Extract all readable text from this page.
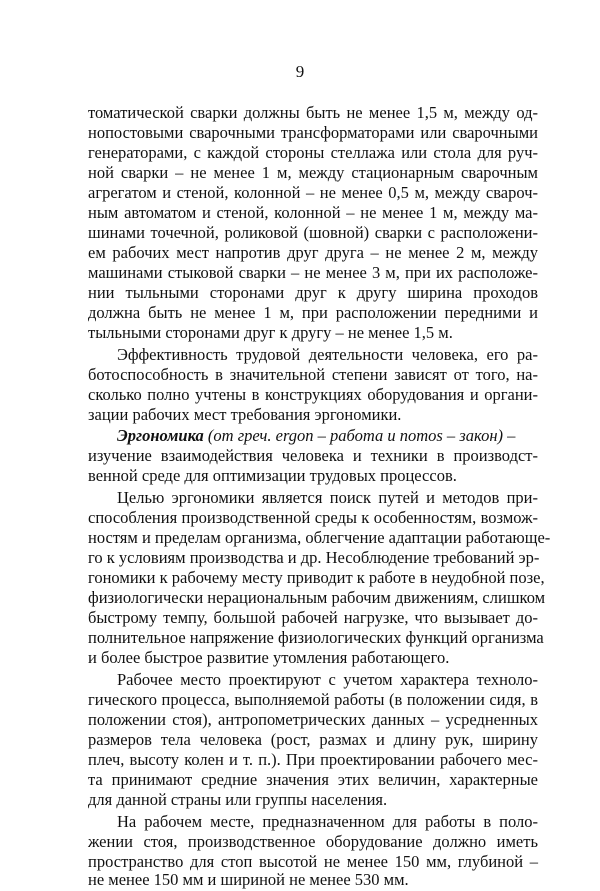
9
томатической сварки должны быть не менее 1,5 м, между од-
нопостовыми сварочными трансформаторами или сварочными
генераторами, с каждой стороны стеллажа или стола для руч-
ной сварки – не менее 1 м, между стационарным сварочным
агрегатом и стеной, колонной – не менее 0,5 м, между свароч-
ным автоматом и стеной, колонной – не менее 1 м, между ма-
шинами точечной, роликовой (шовной) сварки с расположени-
ем рабочих мест напротив друг друга – не менее 2 м, между
машинами стыковой сварки – не менее 3 м, при их расположе-
нии тыльными сторонами друг к другу ширина проходов
должна быть не менее 1 м, при расположении передними и
тыльными сторонами друг к другу – не менее 1,5 м.
Эффективность трудовой деятельности человека, его ра-
ботоспособность в значительной степени зависят от того, на-
сколько полно учтены в конструкциях оборудования и органи-
зации рабочих мест требования эргономики.
Эргономика (от греч. ergon – работа и nomos – закон) –
изучение взаимодействия человека и техники в производст-
венной среде для оптимизации трудовых процессов.
Целью эргономики является поиск путей и методов при-
способления производственной среды к особенностям, возмож-
ностям и пределам организма, облегчение адаптации работающе-
го к условиям производства и др. Несоблюдение требований эр-
гономики к рабочему месту приводит к работе в неудобной позе,
физиологически нерациональным рабочим движениям, слишком
быстрому темпу, большой рабочей нагрузке, что вызывает до-
полнительное напряжение физиологических функций организма
и более быстрое развитие утомления работающего.
Рабочее место проектируют с учетом характера техноло-
гического процесса, выполняемой работы (в положении сидя, в
положении стоя), антропометрических данных – усредненных
размеров тела человека (рост, размах и длину рук, ширину
плеч, высоту колен и т. п.). При проектировании рабочего мес-
та принимают средние значения этих величин, характерные
для данной страны или группы населения.
На рабочем месте, предназначенном для работы в поло-
жении стоя, производственное оборудование должно иметь
пространство для стоп высотой не менее 150 мм, глубиной –
не менее 150 мм и шириной не менее 530 мм.
